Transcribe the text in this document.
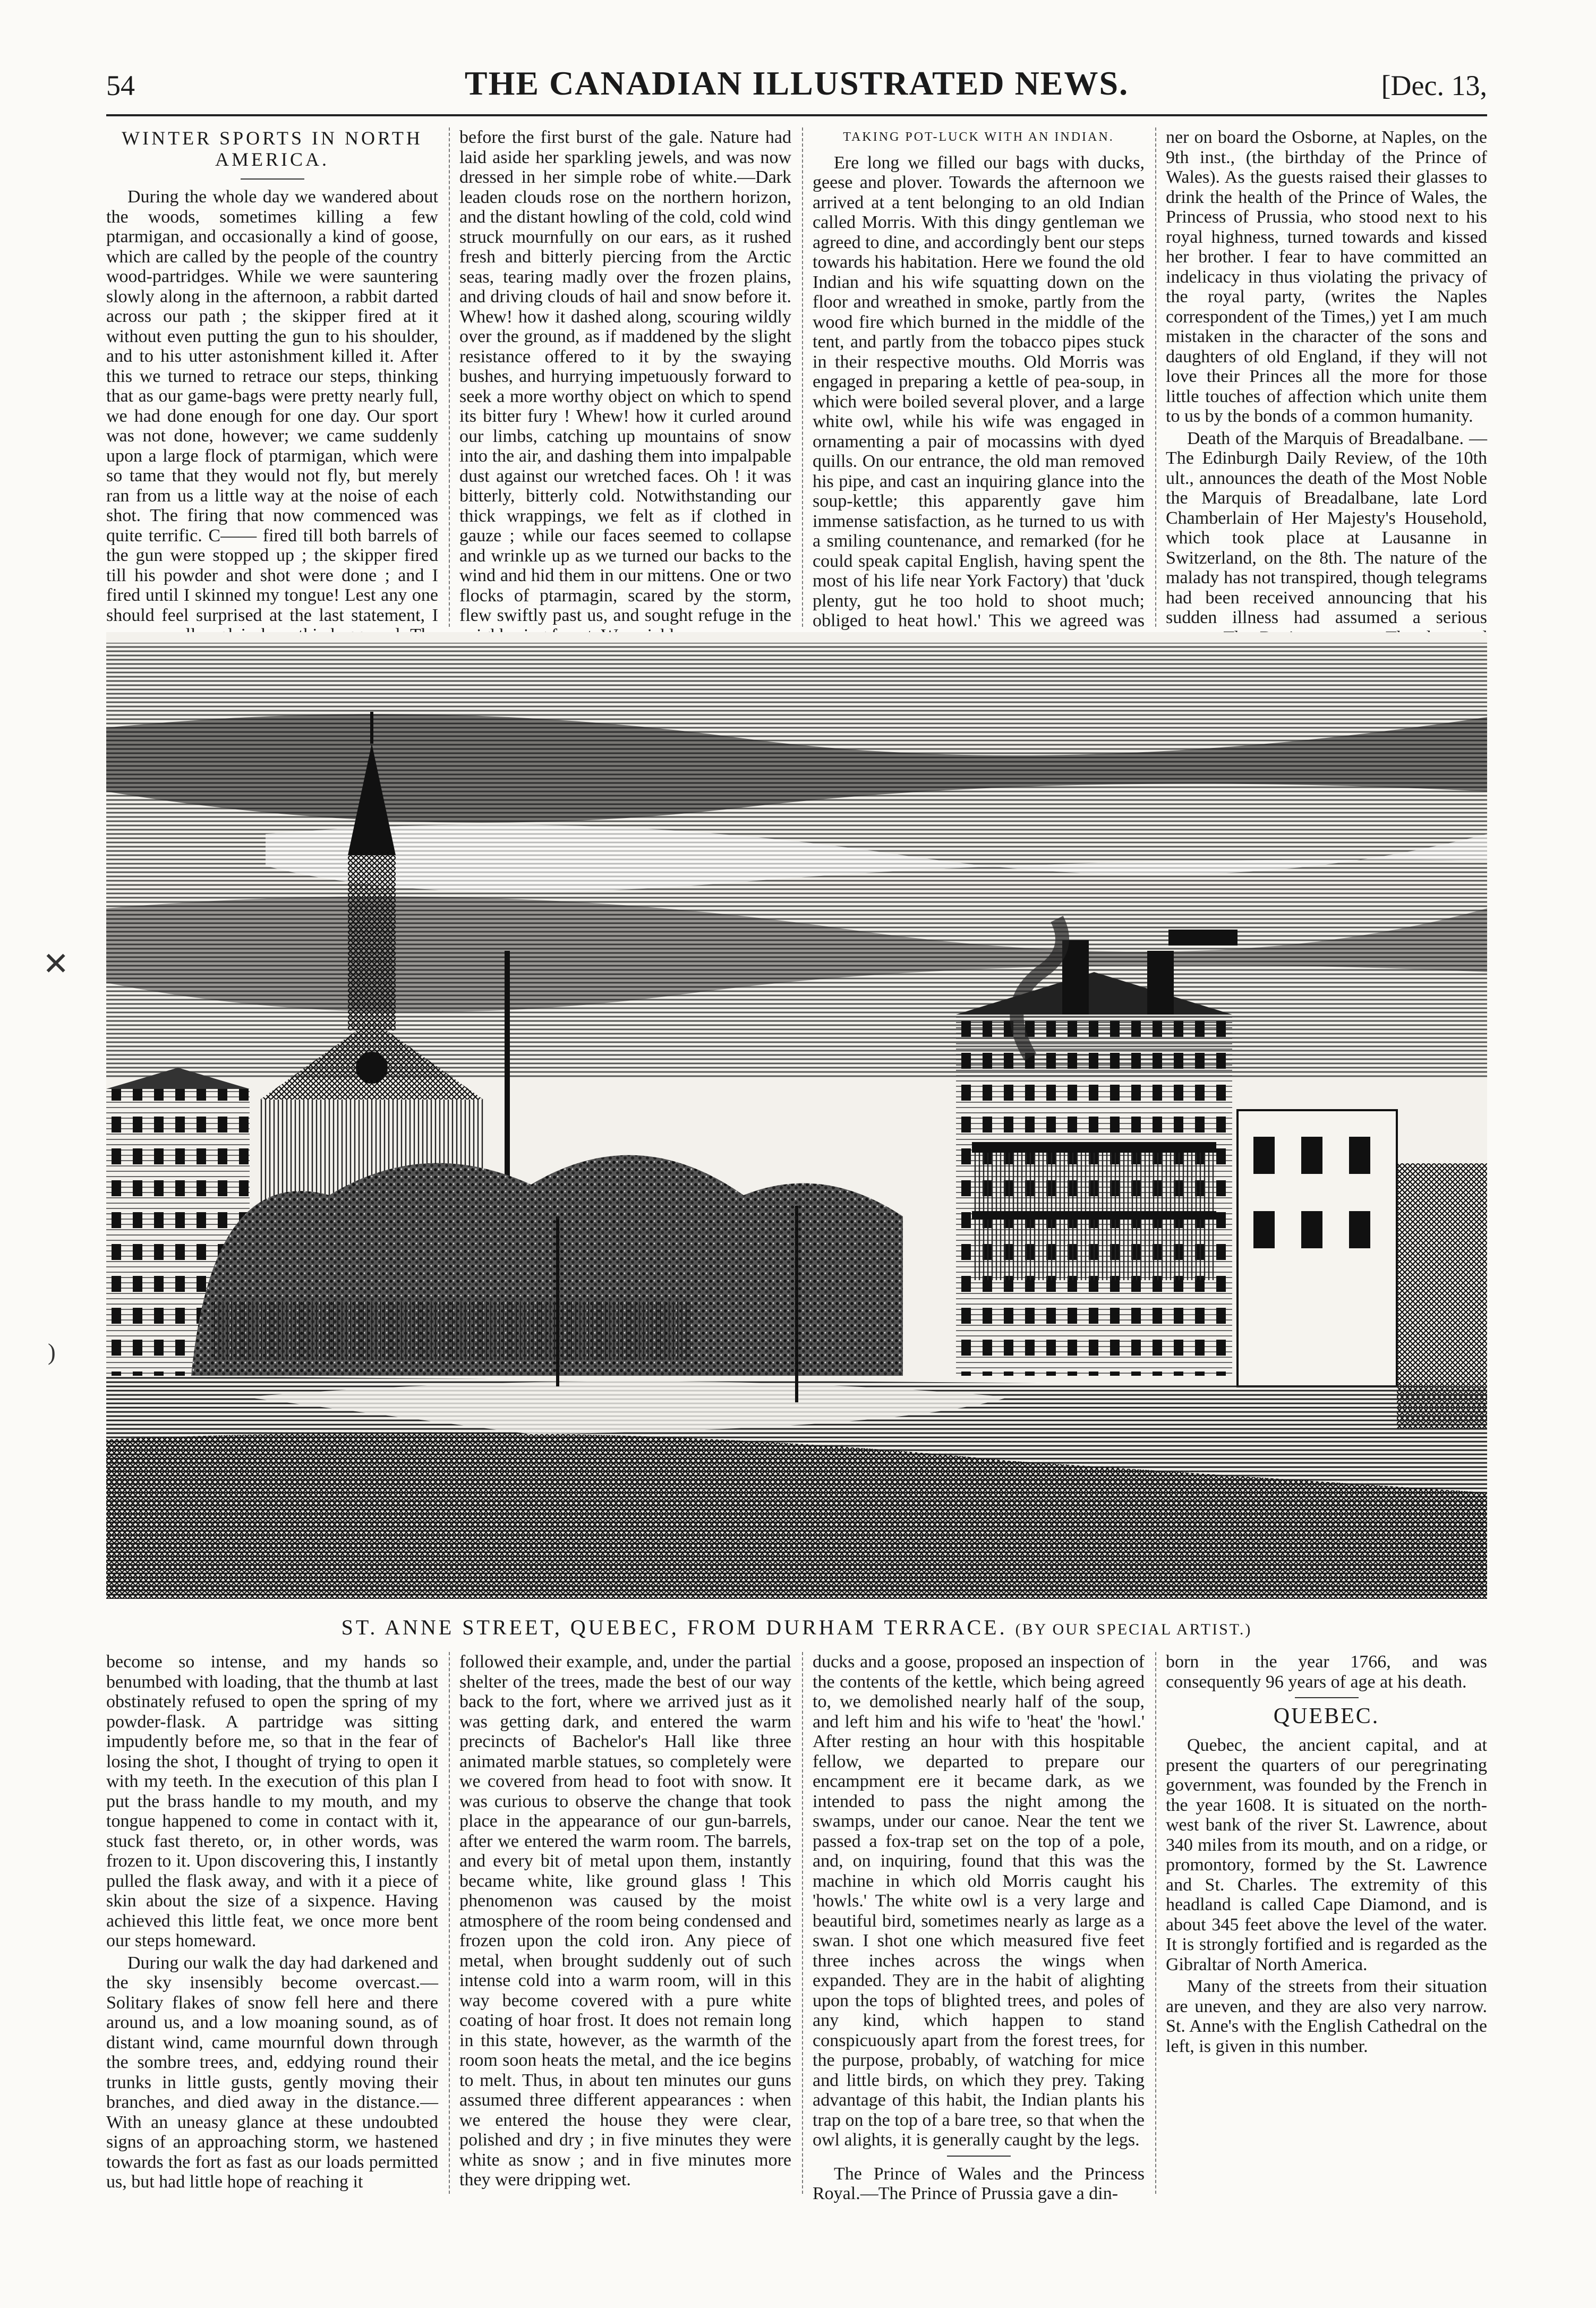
54	THE CANADIAN ILLUSTRATED NEWS.	[Dec. 13,
WINTER SPORTS IN NORTH AMERICA.

During the whole day we wandered about the woods, sometimes killing a few ptarmigan, and occasionally a kind of goose, which are called by the people of the country wood-partridges. While we were sauntering slowly along in the afternoon, a rabbit darted across our path ; the skipper fired at it without even putting the gun to his shoulder, and to his utter astonishment killed it. After this we turned to retrace our steps, thinking that as our game-bags were pretty nearly full, we had done enough for one day. Our sport was not done, however; we came suddenly upon a large flock of ptarmigan, which were so tame that they would not fly, but merely ran from us a little way at the noise of each shot. The firing that now commenced was quite terrific. C—— fired till both barrels of the gun were stopped up ; the skipper fired till his powder and shot were done ; and I fired until I skinned my tongue! Lest any one should feel surprised at the last statement, I

before the first burst of the gale. Nature had laid aside her sparkling jewels, and was now dressed in her simple robe of white.—Dark leaden clouds rose on the northern horizon, and the distant howling of the cold, cold wind struck mournfully on our ears, as it rushed fresh and bitterly piercing from the Arctic seas, tearing madly over the frozen plains, and driving clouds of hail and snow before it. Whew! how it dashed along, scouring wildly over the ground, as if maddened by the slight resistance offered to it by the swaying bushes, and hurrying impetuously forward to seek a more worthy object on which to spend its bitter fury ! Whew! how it curled around our limbs, catching up mountains of snow into the air, and dashing them into impalpable dust against our wretched faces. Oh ! it was bitterly, bitterly cold. Notwithstanding our thick wrappings, we felt as if clothed in gauze ; while our faces seemed to collapse and wrinkle up as we turned our backs to the wind and hid them in our mittens. One or two flocks of ptarmagin, scared by the storm, flew swiftly past us, and sought refuge in the

TAKING POT-LUCK WITH AN INDIAN.

Ere long we filled our bags with ducks, geese and plover. Towards the afternoon we arrived at a tent belonging to an old Indian called Morris. With this dingy gentleman we agreed to dine, and accordingly bent our steps towards his habitation. Here we found the old Indian and his wife squatting down on the floor and wreathed in smoke, partly from the wood fire which burned in the middle of the tent, and partly from the tobacco pipes stuck in their respective mouths. Old Morris was engaged in preparing a kettle of pea-soup, in which were boiled several plover, and a large white owl, while his wife was engaged in ornamenting a pair of mocassins with dyed quills. On our entrance, the old man removed his pipe, and cast an inquiring glance into the soup-kettle; this apparently gave him immense satisfaction, as he turned to us with a smiling countenance, and remarked (for he could speak capital English, having spent the most of his life near York Factory) that 'duck plenty, gut he too hold to shoot much; obliged to heat howl.' This we agreed was

ner on board the Osborne, at Naples, on the 9th inst., (the birthday of the Prince of Wales). As the guests raised their glasses to drink the health of the Prince of Wales, the Princess of Prussia, who stood next to his royal highness, turned towards and kissed her brother. I fear to have committed an indelicacy in thus violating the privacy of the royal party, (writes the Naples correspondent of the Times,) yet I am much mistaken in the character of the sons and daughters of old England, if they will not love their Princes all the more for those little touches of affection which unite them to us by the bonds of a common humanity.

Death of the Marquis of Breadalbane. —The Edinburgh Daily Review, of the 10th ult., announces the death of the Most Noble the Marquis of Breadalbane, late Lord Chamberlain of Her Majesty's Household, which took place at Lausanne in Switzerland, on the 8th. The nature of the malady has not transpired, though telegrams had been received announcing that his sudden illness had assumed a serious

ST. ANNE STREET, QUEBEC, FROM DURHAM TERRACE. (BY OUR SPECIAL ARTIST.)

become so intense, and my hands so benumbed with loading, that the thumb at last obstinately refused to open the spring of my powder-flask. A partridge was sitting impudently before me, so that in the fear of losing the shot, I thought of trying to open it with my teeth. In the execution of this plan I put the brass handle to my mouth, and my tongue happened to come in contact with it, stuck fast thereto, or, in other words, was frozen to it. Upon discovering this, I instantly pulled the flask away, and with it a piece of skin about the size of a sixpence. Having achieved this little feat, we once more bent our steps homeward.

During our walk the day had darkened and the sky insensibly become overcast.—Solitary flakes of snow fell here and there around us, and a low moaning sound, as of distant wind, came mournful down through the sombre trees, and, eddying round their trunks in little gusts, gently moving their branches, and died away in the distance.—With an uneasy glance at these undoubted signs of an approaching storm, we hastened towards the fort as fast as our loads permitted us, but had little hope of reaching it

followed their example, and, under the partial shelter of the trees, made the best of our way back to the fort, where we arrived just as it was getting dark, and entered the warm precincts of Bachelor's Hall like three animated marble statues, so completely were we covered from head to foot with snow. It was curious to observe the change that took place in the appearance of our gun-barrels, after we entered the warm room. The barrels, and every bit of metal upon them, instantly became white, like ground glass ! This phenomenon was caused by the moist atmosphere of the room being condensed and frozen upon the cold iron. Any piece of metal, when brought suddenly out of such intense cold into a warm room, will in this way become covered with a pure white coating of hoar frost. It does not remain long in this state, however, as the warmth of the room soon heats the metal, and the ice begins to melt. Thus, in about ten minutes our guns assumed three different appearances : when we entered the house they were clear, polished and dry ; in five minutes they were white as snow ; and in five minutes more they were dripping wet.

ducks and a goose, proposed an inspection of the contents of the kettle, which being agreed to, we demolished nearly half of the soup, and left him and his wife to 'heat' the 'howl.' After resting an hour with this hospitable fellow, we departed to prepare our encampment ere it became dark, as we intended to pass the night among the swamps, under our canoe. Near the tent we passed a fox-trap set on the top of a pole, and, on inquiring, found that this was the machine in which old Morris caught his 'howls.' The white owl is a very large and beautiful bird, sometimes nearly as large as a swan. I shot one which measured five feet three inches across the wings when expanded. They are in the habit of alighting upon the tops of blighted trees, and poles of any kind, which happen to stand conspicuously apart from the forest trees, for the purpose, probably, of watching for mice and little birds, on which they prey. Taking advantage of this habit, the Indian plants his trap on the top of a bare tree, so that when the owl alights, it is generally caught by the legs.

The Prince of Wales and the Princess Royal.—The Prince of Prussia gave a din-

born in the year 1766, and was consequently 96 years of age at his death.

QUEBEC.

Quebec, the ancient capital, and at present the quarters of our peregrinating government, was founded by the French in the year 1608. It is situated on the north-west bank of the river St. Lawrence, about 340 miles from its mouth, and on a ridge, or promontory, formed by the St. Lawrence and St. Charles. The extremity of this headland is called Cape Diamond, and is about 345 feet above the level of the water. It is strongly fortified and is regarded as the Gibraltar of North America.

Many of the streets from their situation are uneven, and they are also very narrow. St. Anne's with the English Cathedral on the left, is given in this number.

✕
)
